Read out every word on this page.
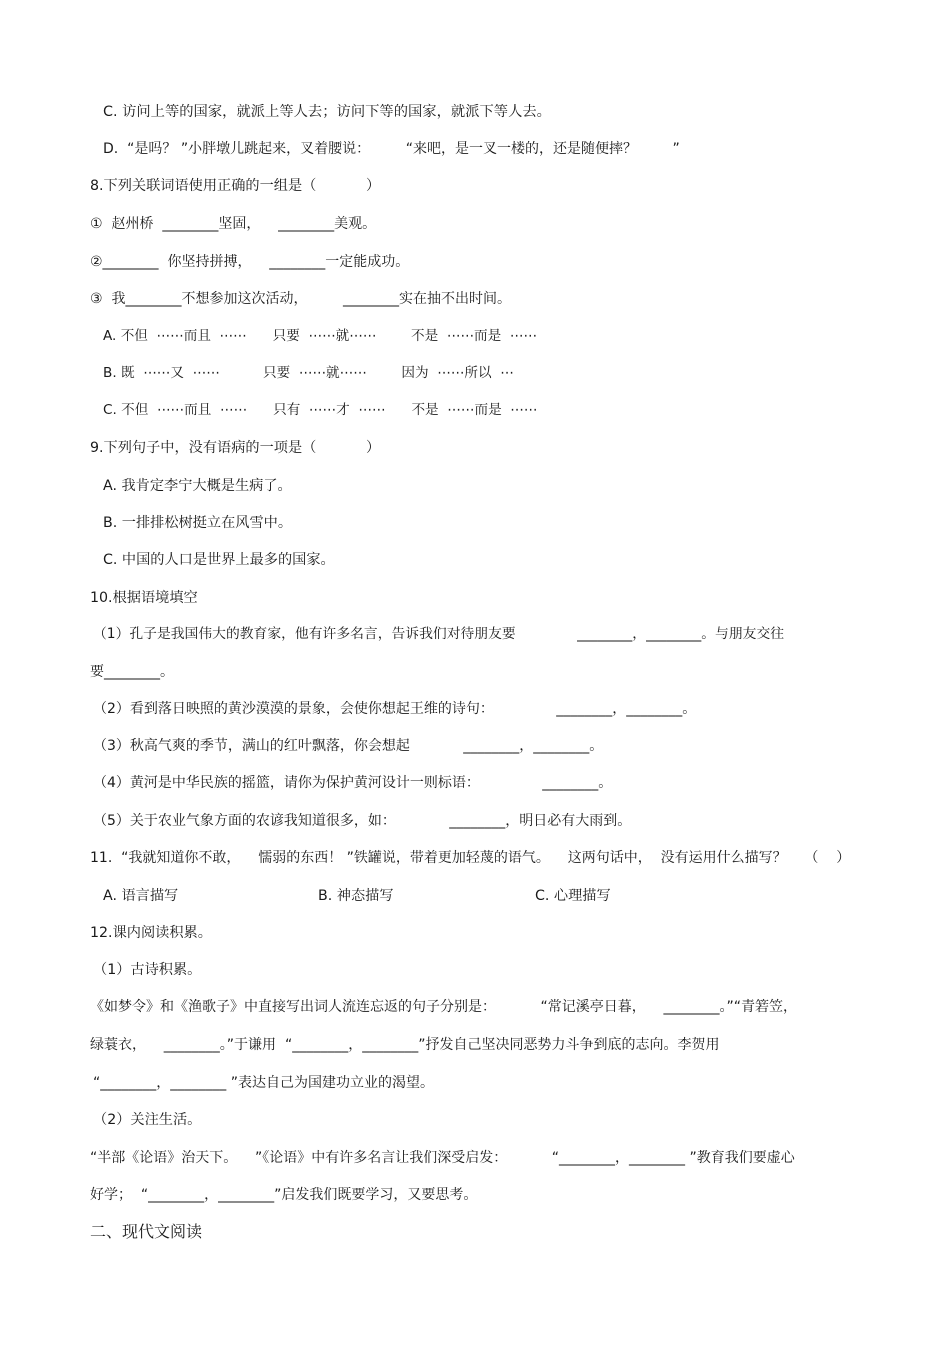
C. 访问上等的国家，就派上等人去；访问下等的国家，就派下等人去。
D.  “是吗？ ”小胖墩儿跳起来，叉着腰说：        “来吧，是一叉一楼的，还是随便摔？        ”
8.下列关联词语使用正确的一组是（           ）
①  赵州桥  ________坚固，    ________美观。
②________  你坚持拼搏，    ________一定能成功。
③  我________不想参加这次活动，        ________实在抽不出时间。
A. 不但  ⋯⋯而且  ⋯⋯      只要  ⋯⋯就⋯⋯        不是  ⋯⋯而是  ⋯⋯
B. 既  ⋯⋯又  ⋯⋯          只要  ⋯⋯就⋯⋯        因为  ⋯⋯所以  ⋯
C. 不但  ⋯⋯而且  ⋯⋯      只有  ⋯⋯才  ⋯⋯      不是  ⋯⋯而是  ⋯⋯
9.下列句子中，没有语病的一项是（           ）
A. 我肯定李宁大概是生病了。
B. 一排排松树挺立在风雪中。
C. 中国的人口是世界上最多的国家。
10.根据语境填空
（1）孔子是我国伟大的教育家，他有许多名言，告诉我们对待朋友要              ________，________。与朋友交往
要________。
（2）看到落日映照的黄沙漠漠的景象，会使你想起王维的诗句：              ________，________。
（3）秋高气爽的季节，满山的红叶飘落，你会想起            ________，________。
（4）黄河是中华民族的摇篮，请你为保护黄河设计一则标语：              ________。
（5）关于农业气象方面的农谚我知道很多，如：            ________，明日必有大雨到。
11.  “我就知道你不敢，    懦弱的东西！ ”铁罐说，带着更加轻蔑的语气。    这两句话中，  没有运用什么描写？    （    ）
A. 语言描写	B. 神态描写	C. 心理描写
12.课内阅读积累。
（1）古诗积累。
《如梦令》和《渔歌子》中直接写出词人流连忘返的句子分别是：          “常记溪亭日暮，    ________。”“青箬笠，
绿蓑衣，    ________。”于谦用  “________，________”抒发自己坚决同恶势力斗争到底的志向。李贺用
“________，________ ”表达自己为国建功立业的渴望。
（2）关注生活。
“半部《论语》治天下。    ”《论语》中有许多名言让我们深受启发：          “________，________ ”教育我们要虚心
好学；  “________，________”启发我们既要学习，又要思考。
二、现代文阅读
